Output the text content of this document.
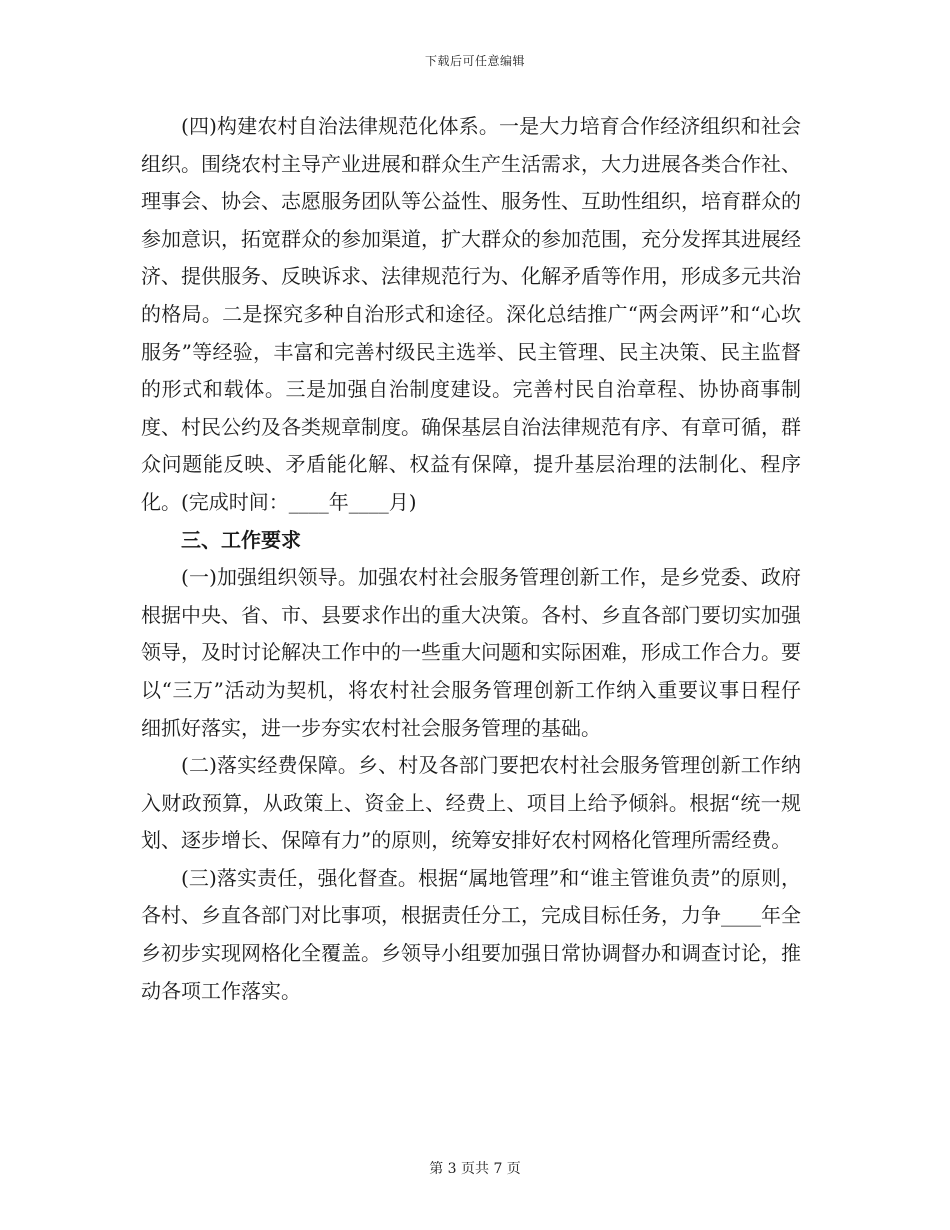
下载后可任意编辑

(四)构建农村自治法律规范化体系。一是大力培育合作经济组织和社会组织。围绕农村主导产业进展和群众生产生活需求，大力进展各类合作社、理事会、协会、志愿服务团队等公益性、服务性、互助性组织，培育群众的参加意识，拓宽群众的参加渠道，扩大群众的参加范围，充分发挥其进展经济、提供服务、反映诉求、法律规范行为、化解矛盾等作用，形成多元共治的格局。二是探究多种自治形式和途径。深化总结推广“两会两评”和“心坎服务”等经验，丰富和完善村级民主选举、民主管理、民主决策、民主监督的形式和载体。三是加强自治制度建设。完善村民自治章程、协协商事制度、村民公约及各类规章制度。确保基层自治法律规范有序、有章可循，群众问题能反映、矛盾能化解、权益有保障，提升基层治理的法制化、程序化。(完成时间：____年____月)

三、工作要求

(一)加强组织领导。加强农村社会服务管理创新工作，是乡党委、政府根据中央、省、市、县要求作出的重大决策。各村、乡直各部门要切实加强领导，及时讨论解决工作中的一些重大问题和实际困难，形成工作合力。要以“三万”活动为契机，将农村社会服务管理创新工作纳入重要议事日程仔细抓好落实，进一步夯实农村社会服务管理的基础。

(二)落实经费保障。乡、村及各部门要把农村社会服务管理创新工作纳入财政预算，从政策上、资金上、经费上、项目上给予倾斜。根据“统一规划、逐步增长、保障有力”的原则，统筹安排好农村网格化管理所需经费。

(三)落实责任，强化督查。根据“属地管理”和“谁主管谁负责”的原则，各村、乡直各部门对比事项，根据责任分工，完成目标任务，力争____年全乡初步实现网格化全覆盖。乡领导小组要加强日常协调督办和调查讨论，推动各项工作落实。

第 3 页共 7 页
